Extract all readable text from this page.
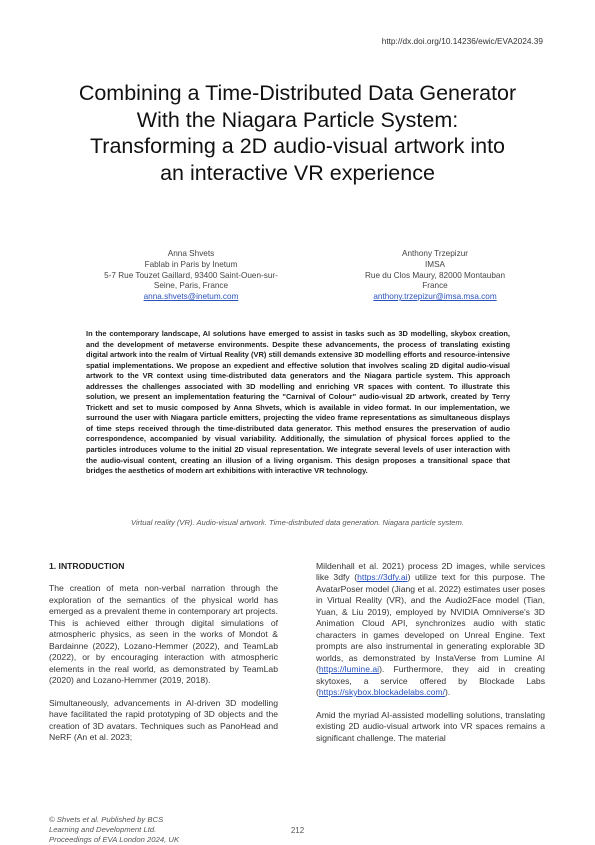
http://dx.doi.org/10.14236/ewic/EVA2024.39
Combining a Time-Distributed Data Generator
With the Niagara Particle System:
Transforming a 2D audio-visual artwork into
an interactive VR experience
Anna Shvets
Fablab in Paris by Inetum
5-7 Rue Touzet Gaillard, 93400 Saint-Ouen-sur-
Seine, Paris, France
anna.shvets@inetum.com
Anthony Trzepizur
IMSA
Rue du Clos Maury, 82000 Montauban
France
anthony.trzepizur@imsa.msa.com

In the contemporary landscape, AI solutions have emerged to assist in tasks such as 3D modelling, skybox creation, and the development of metaverse environments. Despite these advancements, the process of translating existing digital artwork into the realm of Virtual Reality (VR) still demands extensive 3D modelling efforts and resource-intensive spatial implementations. We propose an expedient and effective solution that involves scaling 2D digital audio-visual artwork to the VR context using time-distributed data generators and the Niagara particle system. This approach addresses the challenges associated with 3D modelling and enriching VR spaces with content. To illustrate this solution, we present an implementation featuring the "Carnival of Colour" audio-visual 2D artwork, created by Terry Trickett and set to music composed by Anna Shvets, which is available in video format. In our implementation, we surround the user with Niagara particle emitters, projecting the video frame representations as simultaneous displays of time steps received through the time-distributed data generator. This method ensures the preservation of audio correspondence, accompanied by visual variability. Additionally, the simulation of physical forces applied to the particles introduces volume to the initial 2D visual representation. We integrate several levels of user interaction with the audio-visual content, creating an illusion of a living organism. This design proposes a transitional space that bridges the aesthetics of modern art exhibitions with interactive VR technology.

Virtual reality (VR). Audio-visual artwork. Time-distributed data generation. Niagara particle system.
1. INTRODUCTION

The creation of meta non-verbal narration through the exploration of the semantics of the physical world has emerged as a prevalent theme in contemporary art projects. This is achieved either through digital simulations of atmospheric physics, as seen in the works of Mondot & Bardainne (2022), Lozano-Hemmer (2022), and TeamLab (2022), or by encouraging interaction with atmospheric elements in the real world, as demonstrated by TeamLab (2020) and Lozano-Hemmer (2019, 2018).

Simultaneously, advancements in AI-driven 3D modelling have facilitated the rapid prototyping of 3D objects and the creation of 3D avatars. Techniques such as PanoHead and NeRF (An et al. 2023;

Mildenhall et al. 2021) process 2D images, while services like 3dfy (https://3dfy.ai) utilize text for this purpose. The AvatarPoser model (Jiang et al. 2022) estimates user poses in Virtual Reality (VR), and the Audio2Face model (Tian, Yuan, & Liu 2019), employed by NVIDIA Omniverse's 3D Animation Cloud API, synchronizes audio with static characters in games developed on Unreal Engine. Text prompts are also instrumental in generating explorable 3D worlds, as demonstrated by InstaVerse from Lumine AI (https://lumine.ai). Furthermore, they aid in creating skytoxes, a service offered by Blockade Labs (https://skybox.blockadelabs.com/).

Amid the myriad AI-assisted modelling solutions, translating existing 2D audio-visual artwork into VR spaces remains a significant challenge. The material

© Shvets et al. Published by BCS
Learning and Development Ltd.
Proceedings of EVA London 2024, UK
212
